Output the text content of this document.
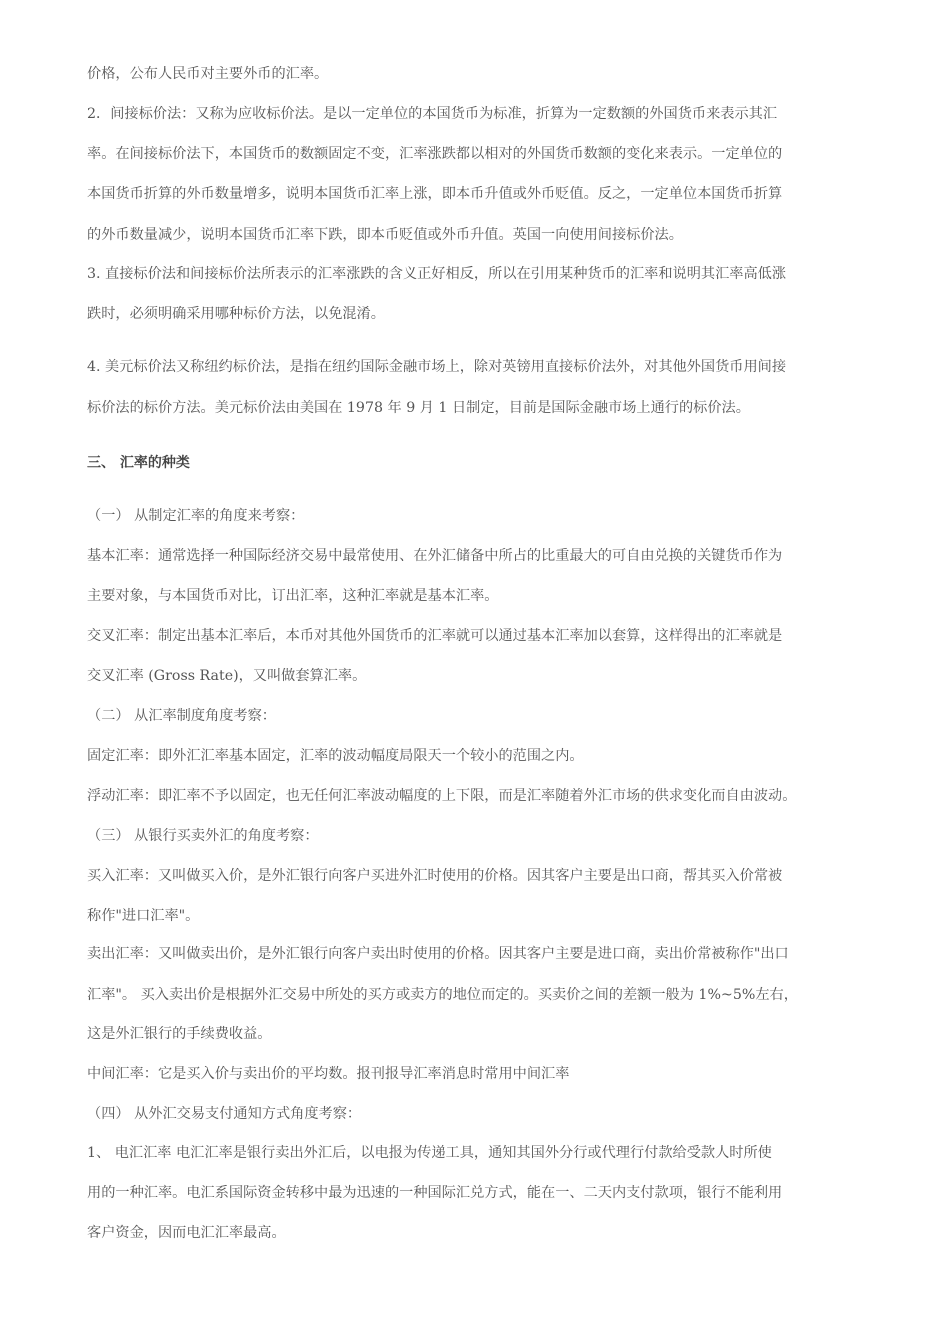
价格，公布人民币对主要外币的汇率。
2．间接标价法：又称为应收标价法。是以一定单位的本国货币为标准，折算为一定数额的外国货币来表示其汇
率。在间接标价法下，本国货币的数额固定不变，汇率涨跌都以相对的外国货币数额的变化来表示。一定单位的
本国货币折算的外币数量增多，说明本国货币汇率上涨，即本币升值或外币贬值。反之，一定单位本国货币折算
的外币数量减少，说明本国货币汇率下跌，即本币贬值或外币升值。英国一向使用间接标价法。
3. 直接标价法和间接标价法所表示的汇率涨跌的含义正好相反，所以在引用某种货币的汇率和说明其汇率高低涨
跌时，必须明确采用哪种标价方法，以免混淆。
4. 美元标价法又称纽约标价法，是指在纽约国际金融市场上，除对英镑用直接标价法外，对其他外国货币用间接
标价法的标价方法。美元标价法由美国在 1978 年 9 月 1 日制定，目前是国际金融市场上通行的标价法。
三、 汇率的种类
（一） 从制定汇率的角度来考察：
基本汇率：通常选择一种国际经济交易中最常使用、在外汇储备中所占的比重最大的可自由兑换的关键货币作为
主要对象，与本国货币对比，订出汇率，这种汇率就是基本汇率。
交叉汇率：制定出基本汇率后，本币对其他外国货币的汇率就可以通过基本汇率加以套算，这样得出的汇率就是
交叉汇率 (Gross Rate)，又叫做套算汇率。
（二） 从汇率制度角度考察：
固定汇率：即外汇汇率基本固定，汇率的波动幅度局限天一个较小的范围之内。
浮动汇率：即汇率不予以固定，也无任何汇率波动幅度的上下限，而是汇率随着外汇市场的供求变化而自由波动。
（三） 从银行买卖外汇的角度考察：
买入汇率：又叫做买入价，是外汇银行向客户买进外汇时使用的价格。因其客户主要是出口商，帮其买入价常被
称作"进口汇率"。
卖出汇率：又叫做卖出价，是外汇银行向客户卖出时使用的价格。因其客户主要是进口商，卖出价常被称作"出口
汇率"。 买入卖出价是根据外汇交易中所处的买方或卖方的地位而定的。买卖价之间的差额一般为 1%~5%左右，
这是外汇银行的手续费收益。
中间汇率：它是买入价与卖出价的平均数。报刊报导汇率消息时常用中间汇率
（四） 从外汇交易支付通知方式角度考察：
1、 电汇汇率 电汇汇率是银行卖出外汇后，以电报为传递工具，通知其国外分行或代理行付款给受款人时所使
用的一种汇率。电汇系国际资金转移中最为迅速的一种国际汇兑方式，能在一、二天内支付款项，银行不能利用
客户资金，因而电汇汇率最高。
